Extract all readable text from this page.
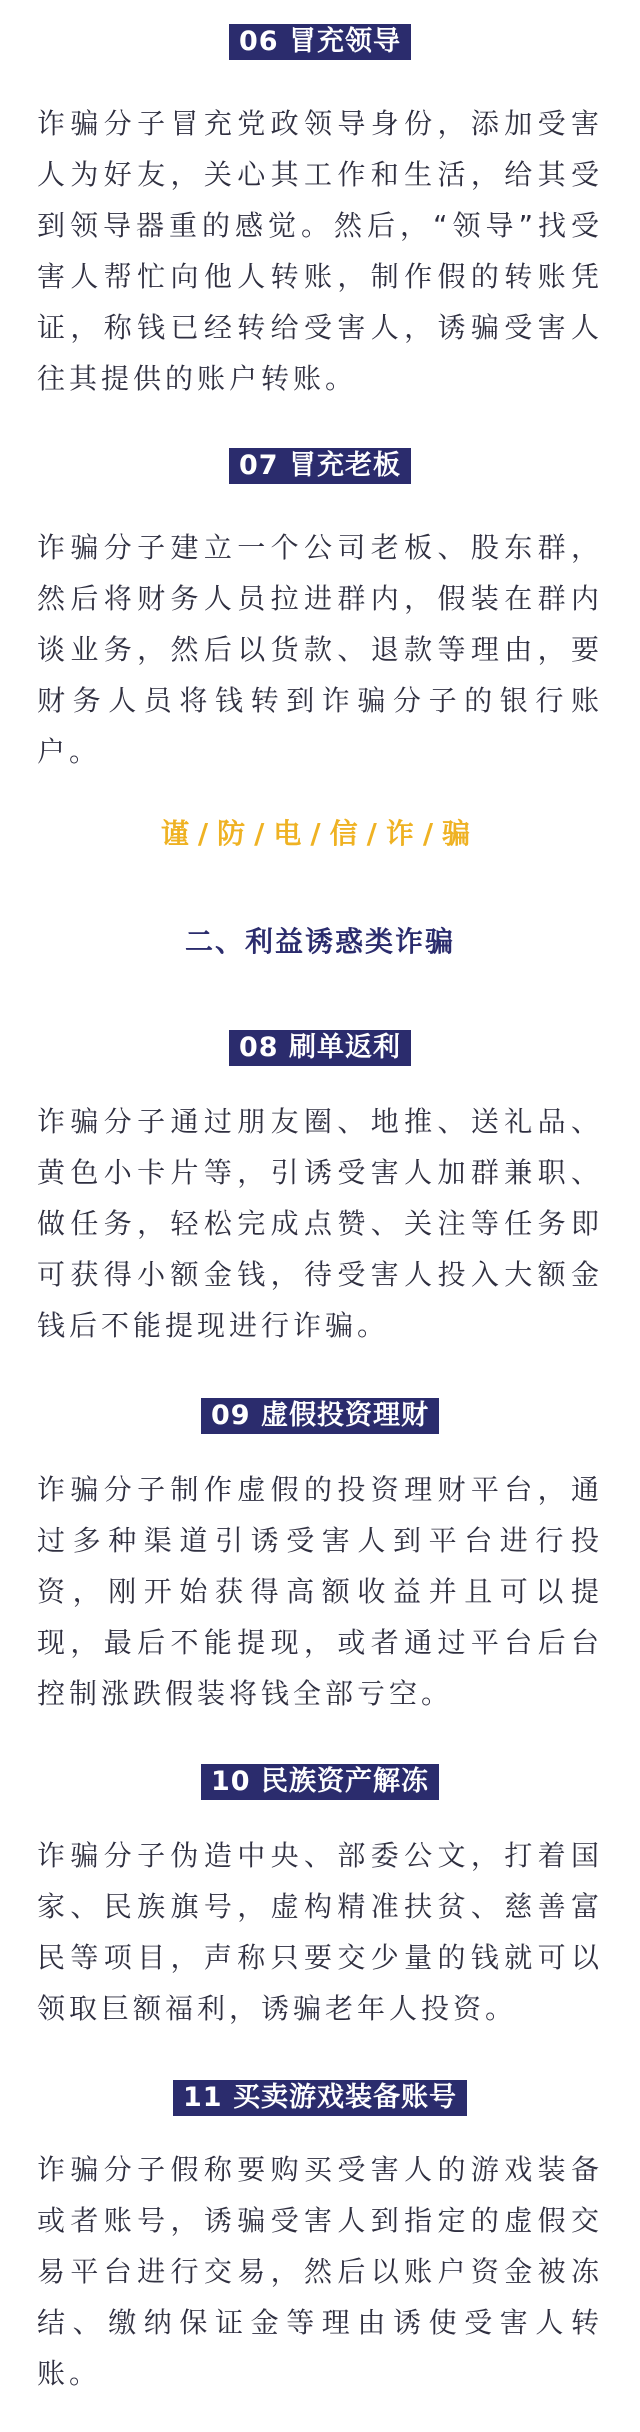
06 冒充领导

诈骗分子冒充党政领导身份，添加受害人为好友，关心其工作和生活，给其受到领导器重的感觉。然后，“领导”找受害人帮忙向他人转账，制作假的转账凭证，称钱已经转给受害人，诱骗受害人往其提供的账户转账。

07 冒充老板

诈骗分子建立一个公司老板、股东群，然后将财务人员拉进群内，假装在群内谈业务，然后以货款、退款等理由，要财务人员将钱转到诈骗分子的银行账户。

谨/防/电/信/诈/骗
二、利益诱惑类诈骗
08 刷单返利

诈骗分子通过朋友圈、地推、送礼品、黄色小卡片等，引诱受害人加群兼职、做任务，轻松完成点赞、关注等任务即可获得小额金钱，待受害人投入大额金钱后不能提现进行诈骗。

09 虚假投资理财

诈骗分子制作虚假的投资理财平台，通过多种渠道引诱受害人到平台进行投资，刚开始获得高额收益并且可以提现，最后不能提现，或者通过平台后台控制涨跌假装将钱全部亏空。

10 民族资产解冻

诈骗分子伪造中央、部委公文，打着国家、民族旗号，虚构精准扶贫、慈善富民等项目，声称只要交少量的钱就可以领取巨额福利，诱骗老年人投资。

11 买卖游戏装备账号

诈骗分子假称要购买受害人的游戏装备或者账号，诱骗受害人到指定的虚假交易平台进行交易，然后以账户资金被冻结、缴纳保证金等理由诱使受害人转账。
